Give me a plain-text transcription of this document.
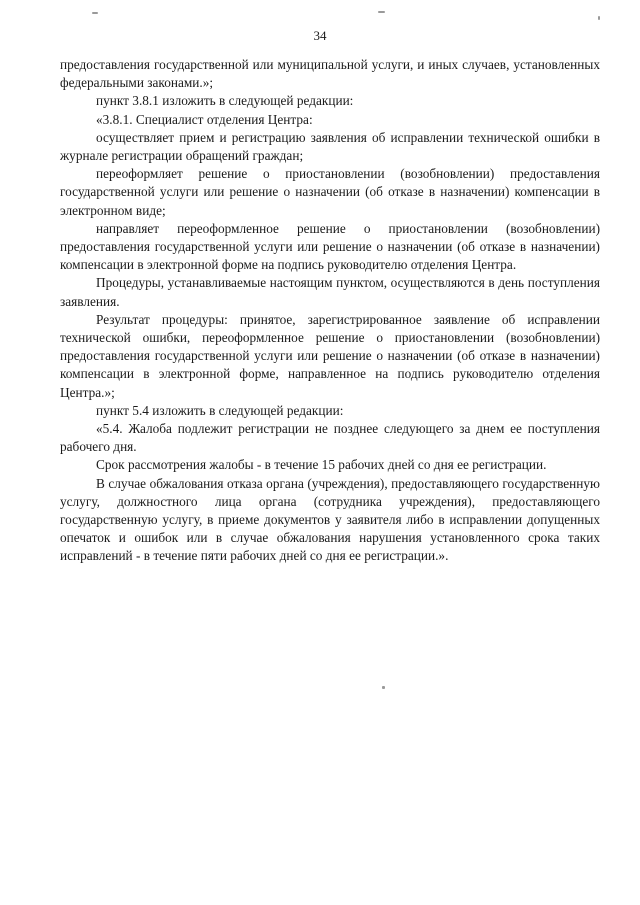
34

предоставления государственной или муниципальной услуги, и иных случаев, установленных федеральными законами.»;

пункт 3.8.1 изложить в следующей редакции:

«3.8.1. Специалист отделения Центра:

осуществляет прием и регистрацию заявления об исправлении технической ошибки в журнале регистрации обращений граждан;

переоформляет решение о приостановлении (возобновлении) предоставления государственной услуги или решение о назначении (об отказе в назначении) компенсации в электронном виде;

направляет переоформленное решение о приостановлении (возобновлении) предоставления государственной услуги или решение о назначении (об отказе в назначении) компенсации в электронной форме на подпись руководителю отделения Центра.

Процедуры, устанавливаемые настоящим пунктом, осуществляются в день поступления заявления.

Результат процедуры: принятое, зарегистрированное заявление об исправлении технической ошибки, переоформленное решение о приостановлении (возобновлении) предоставления государственной услуги или решение о назначении (об отказе в назначении) компенсации в электронной форме, направленное на подпись руководителю отделения Центра.»;

пункт 5.4 изложить в следующей редакции:

«5.4. Жалоба подлежит регистрации не позднее следующего за днем ее поступления рабочего дня.

Срок рассмотрения жалобы - в течение 15 рабочих дней со дня ее регистрации.

В случае обжалования отказа органа (учреждения), предоставляющего государственную услугу, должностного лица органа (сотрудника учреждения), предоставляющего государственную услугу, в приеме документов у заявителя либо в исправлении допущенных опечаток и ошибок или в случае обжалования нарушения установленного срока таких исправлений - в течение пяти рабочих дней со дня ее регистрации.».
